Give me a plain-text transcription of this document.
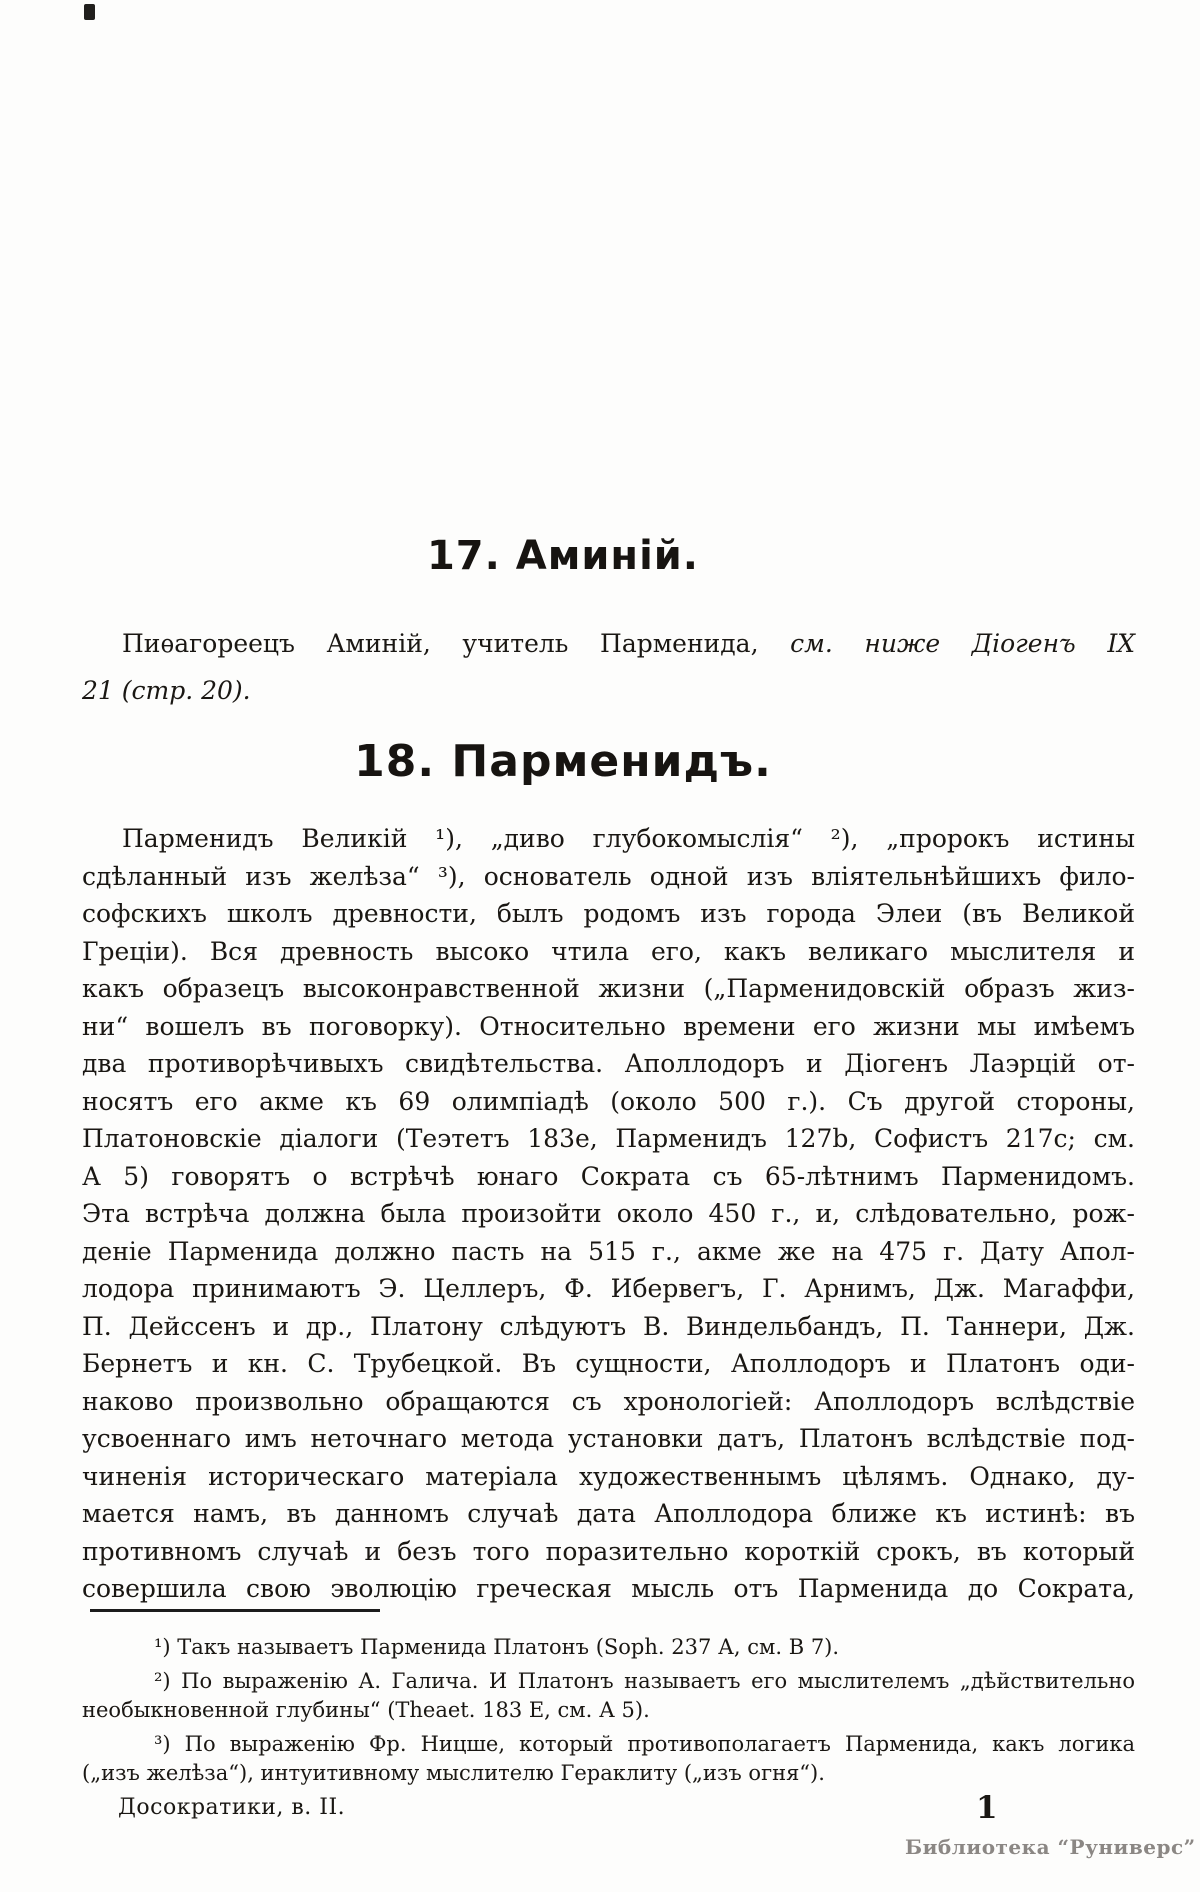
17. Аминій.
Пиѳагореецъ Аминій, учитель Парменида, см. ниже Діогенъ IX
21 (стр. 20).
18. Парменидъ.
Парменидъ Великій ¹), „диво глубокомыслія“ ²), „пророкъ истины
сдѣланный изъ желѣза“ ³), основатель одной изъ вліятельнѣйшихъ фило-
софскихъ школъ древности, былъ родомъ изъ города Элеи (въ Великой
Греціи). Вся древность высоко чтила его, какъ великаго мыслителя и
какъ образецъ высоконравственной жизни („Парменидовскій образъ жиз-
ни“ вошелъ въ поговорку). Относительно времени его жизни мы имѣемъ
два противорѣчивыхъ свидѣтельства. Аполлодоръ и Діогенъ Лаэрцій от-
носятъ его акме къ 69 олимпіадѣ (около 500 г.). Съ другой стороны,
Платоновскіе діалоги (Теэтетъ 183e, Парменидъ 127b, Софистъ 217c; см.
А 5) говорятъ о встрѣчѣ юнаго Сократа съ 65-лѣтнимъ Парменидомъ.
Эта встрѣча должна была произойти около 450 г., и, слѣдовательно, рож-
деніе Парменида должно пасть на 515 г., акме же на 475 г. Дату Апол-
лодора принимаютъ Э. Целлеръ, Ф. Ибервегъ, Г. Арнимъ, Дж. Магаффи,
П. Дейссенъ и др., Платону слѣдуютъ В. Виндельбандъ, П. Таннери, Дж.
Бернетъ и кн. С. Трубецкой. Въ сущности, Аполлодоръ и Платонъ оди-
наково произвольно обращаются съ хронологіей: Аполлодоръ вслѣдствіе
усвоеннаго имъ неточнаго метода установки датъ, Платонъ вслѣдствіе под-
чиненія историческаго матеріала художественнымъ цѣлямъ. Однако, ду-
мается намъ, въ данномъ случаѣ дата Аполлодора ближе къ истинѣ: въ
противномъ случаѣ и безъ того поразительно короткій срокъ, въ который
совершила свою эволюцію греческая мысль отъ Парменида до Сократа,
¹) Такъ называетъ Парменида Платонъ (Soph. 237 А, см. В 7).
²) По выраженію А. Галича. И Платонъ называетъ его мыслителемъ „дѣйствительно
необыкновенной глубины“ (Theaet. 183 Е, см. А 5).
³) По выраженію Фр. Ницше, который противополагаетъ Парменида, какъ логика
(„изъ желѣза“), интуитивному мыслителю Гераклиту („изъ огня“).
Досократики, в. II.	1
Библиотека “Руниверс”
